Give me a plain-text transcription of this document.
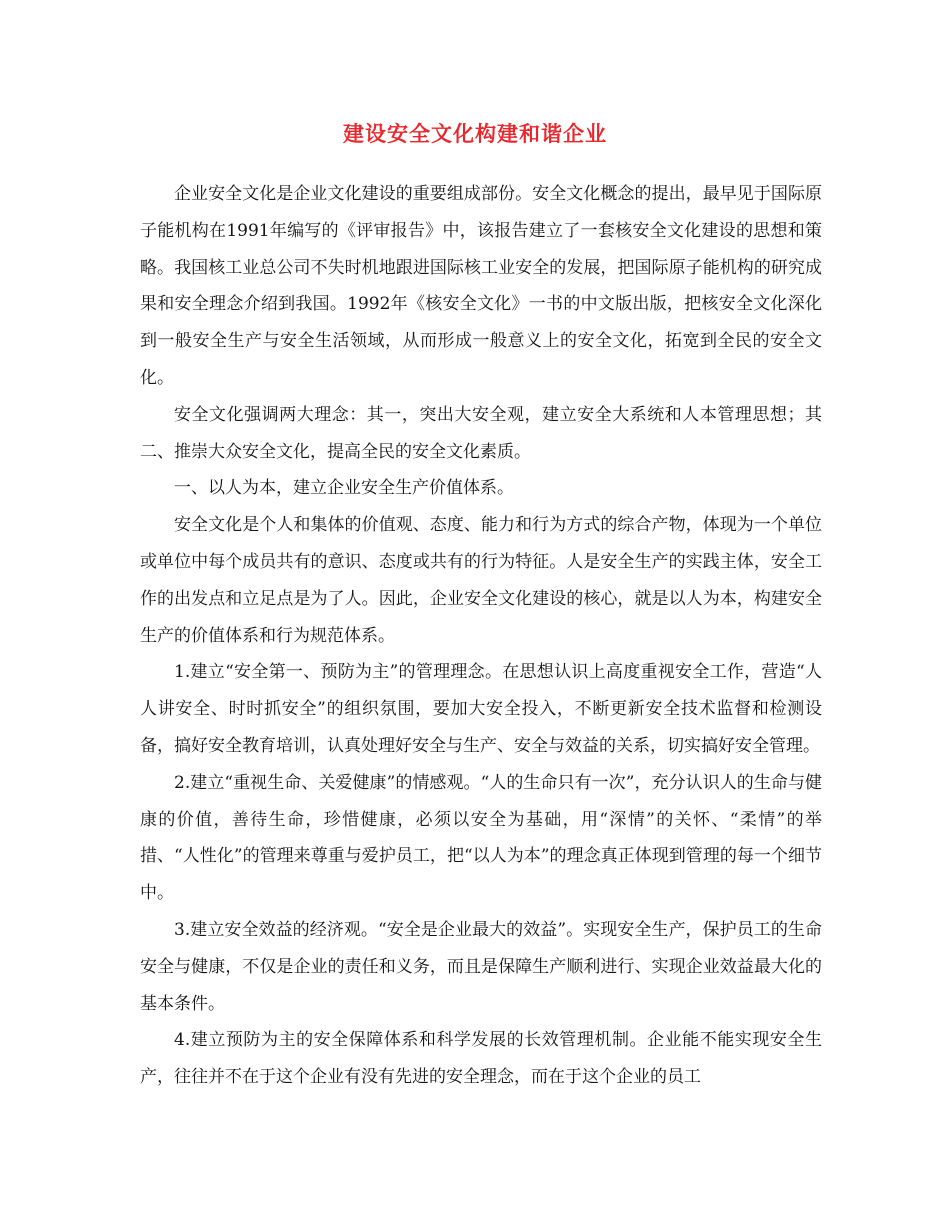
建设安全文化构建和谐企业

企业安全文化是企业文化建设的重要组成部份。安全文化概念的提出，最早见于国际原子能机构在1991年编写的《评审报告》中，该报告建立了一套核安全文化建设的思想和策略。我国核工业总公司不失时机地跟进国际核工业安全的发展，把国际原子能机构的研究成果和安全理念介绍到我国。1992年《核安全文化》一书的中文版出版，把核安全文化深化到一般安全生产与安全生活领域，从而形成一般意义上的安全文化，拓宽到全民的安全文化。

安全文化强调两大理念：其一，突出大安全观，建立安全大系统和人本管理思想；其二、推崇大众安全文化，提高全民的安全文化素质。

一、以人为本，建立企业安全生产价值体系。

安全文化是个人和集体的价值观、态度、能力和行为方式的综合产物，体现为一个单位或单位中每个成员共有的意识、态度或共有的行为特征。人是安全生产的实践主体，安全工作的出发点和立足点是为了人。因此，企业安全文化建设的核心，就是以人为本，构建安全生产的价值体系和行为规范体系。

1.建立“安全第一、预防为主”的管理理念。在思想认识上高度重视安全工作，营造“人人讲安全、时时抓安全”的组织氛围，要加大安全投入，不断更新安全技术监督和检测设备，搞好安全教育培训，认真处理好安全与生产、安全与效益的关系，切实搞好安全管理。

2.建立“重视生命、关爱健康”的情感观。“人的生命只有一次”，充分认识人的生命与健康的价值，善待生命，珍惜健康，必须以安全为基础，用“深情”的关怀、“柔情”的举措、“人性化”的管理来尊重与爱护员工，把“以人为本”的理念真正体现到管理的每一个细节中。

3.建立安全效益的经济观。“安全是企业最大的效益”。实现安全生产，保护员工的生命安全与健康，不仅是企业的责任和义务，而且是保障生产顺利进行、实现企业效益最大化的基本条件。

4.建立预防为主的安全保障体系和科学发展的长效管理机制。企业能不能实现安全生产，往往并不在于这个企业有没有先进的安全理念，而在于这个企业的员工
